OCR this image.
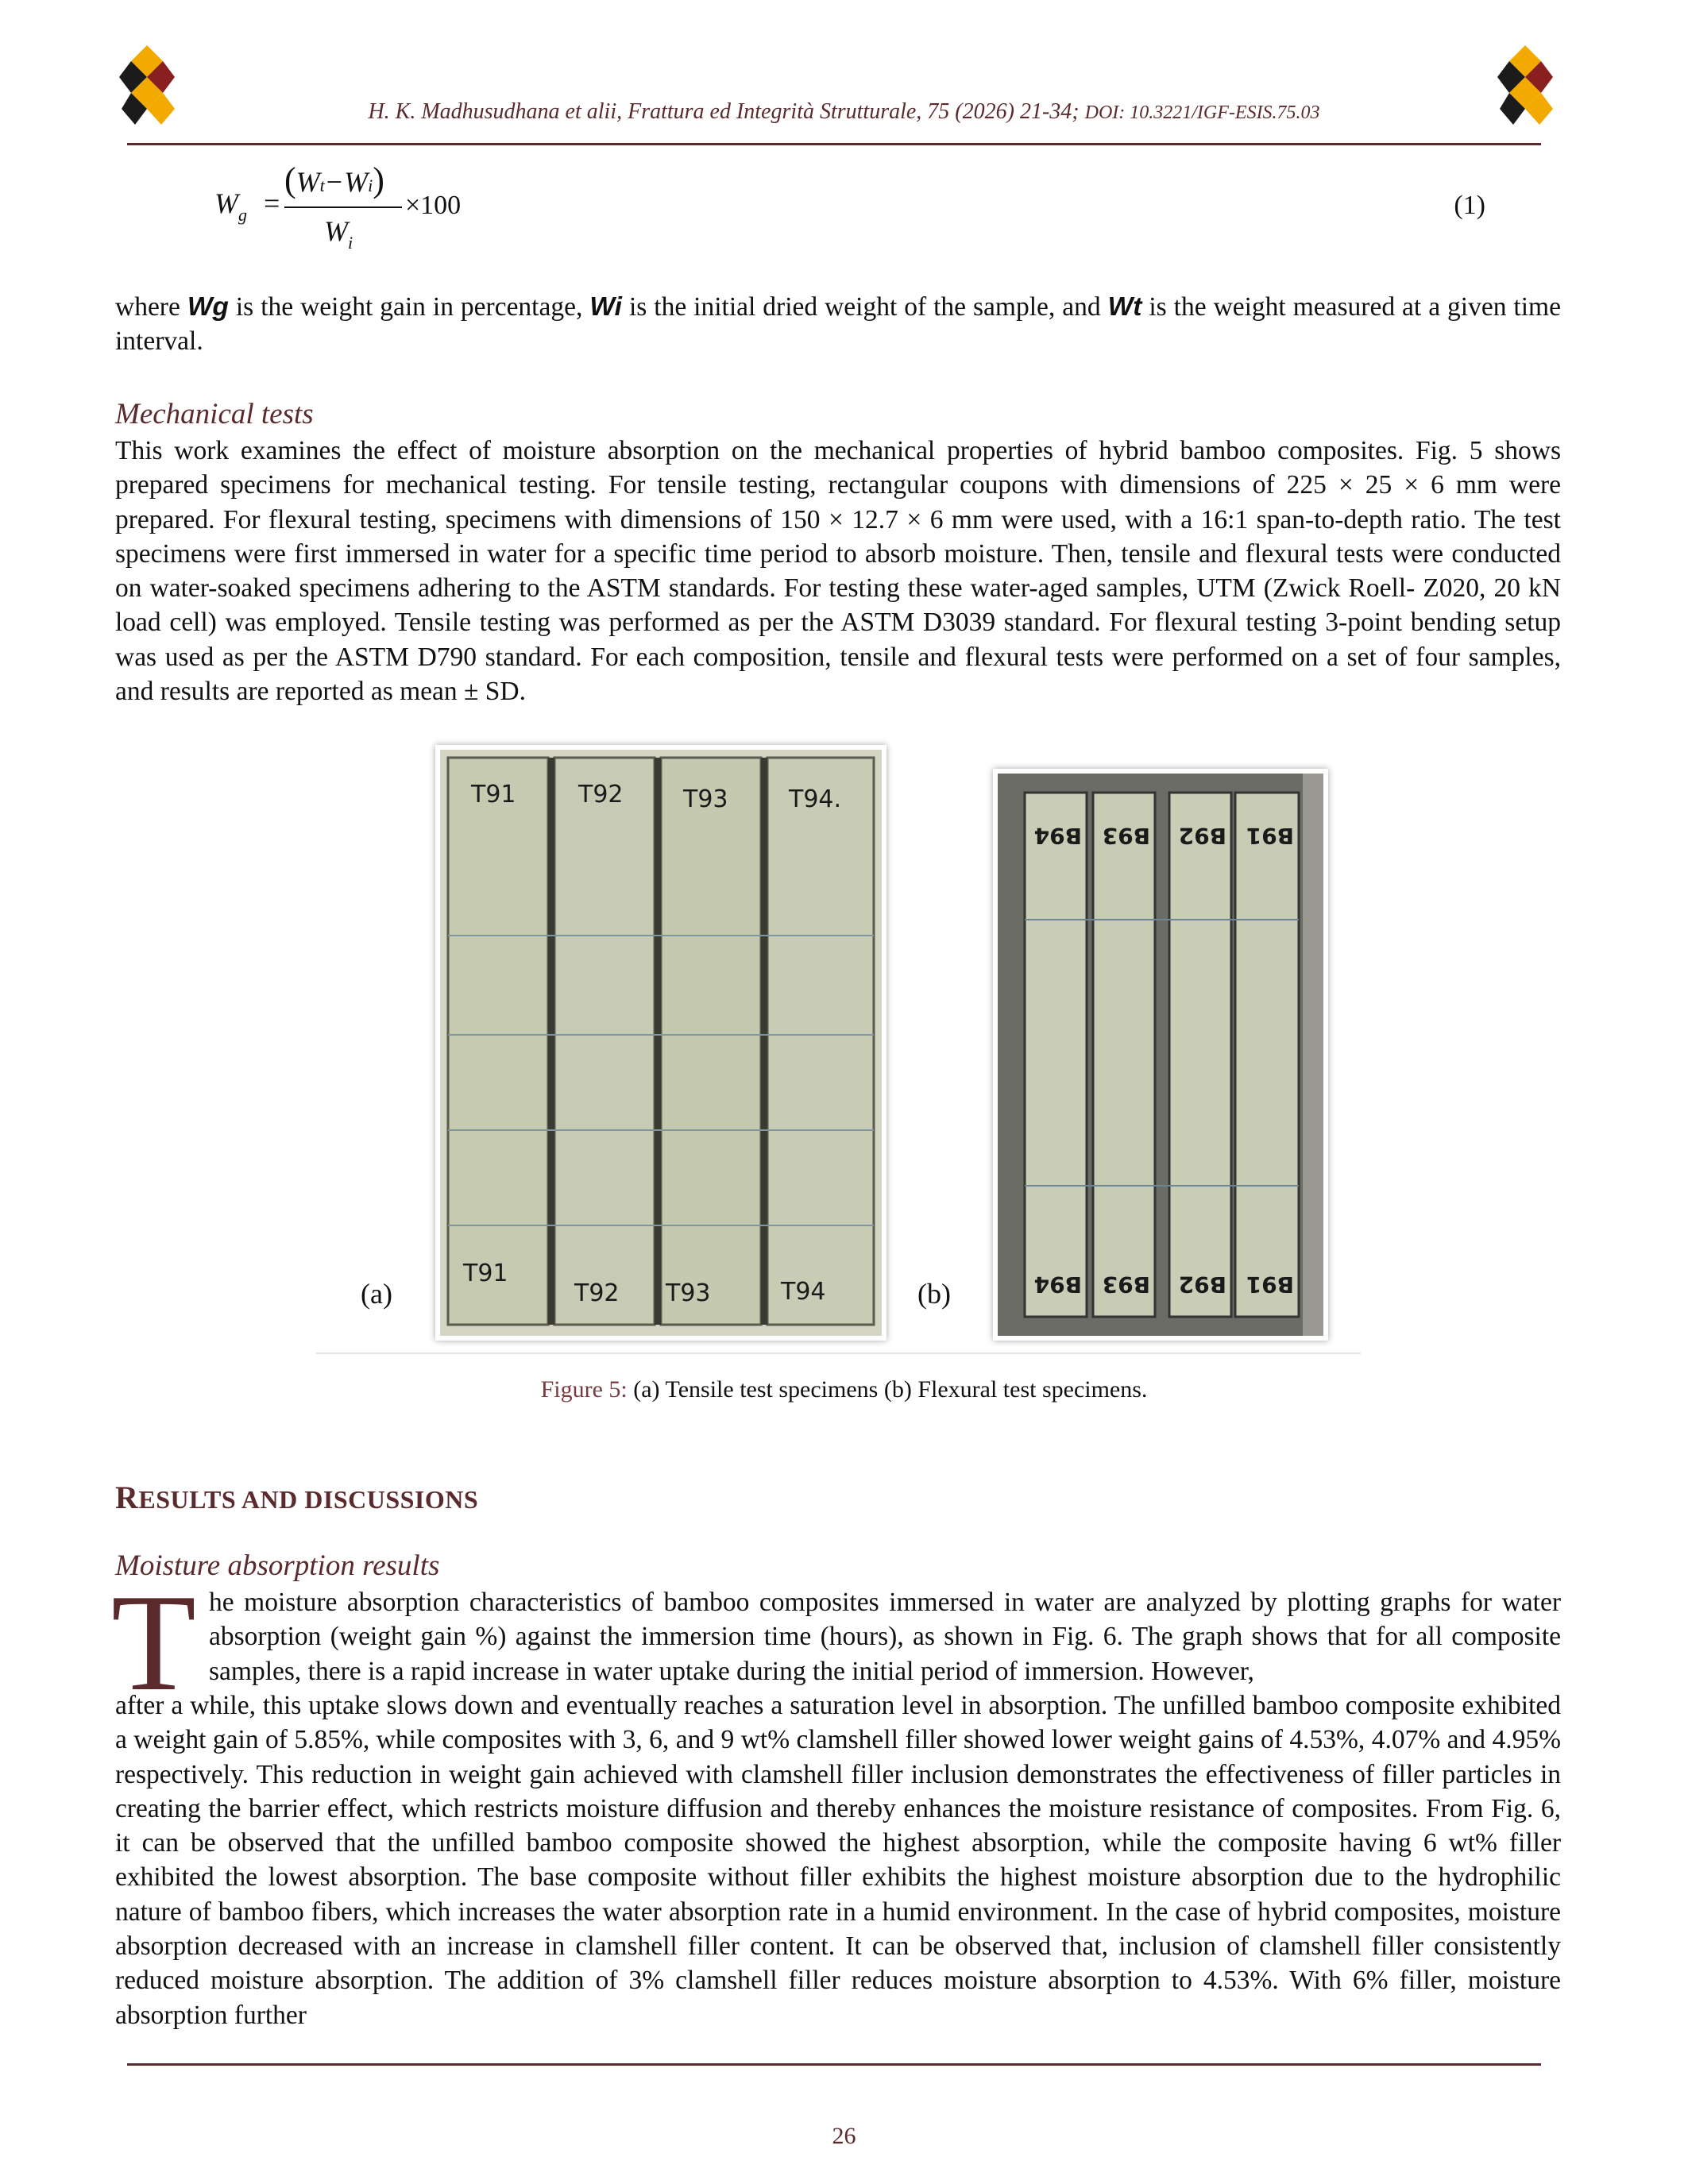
H. K. Madhusudhana et alii, Frattura ed Integrità Strutturale, 75 (2026) 21-34; DOI: 10.3221/IGF-ESIS.75.03
$W_g$ =
(Wt−Wi)
$W_i$
×100	(1)
where Wg is the weight gain in percentage, Wi is the initial dried weight of the sample, and Wt is the weight measured at a given time interval.
Mechanical tests
This work examines the effect of moisture absorption on the mechanical properties of hybrid bamboo composites. Fig. 5 shows prepared specimens for mechanical testing. For tensile testing, rectangular coupons with dimensions of 225 × 25 × 6 mm were prepared. For flexural testing, specimens with dimensions of 150 × 12.7 × 6 mm were used, with a 16:1 span-to-depth ratio. The test specimens were first immersed in water for a specific time period to absorb moisture. Then, tensile and flexural tests were conducted on water-soaked specimens adhering to the ASTM standards. For testing these water-aged samples, UTM (Zwick Roell- Z020, 20 kN load cell) was employed. Tensile testing was performed as per the ASTM D3039 standard. For flexural testing 3-point bending setup was used as per the ASTM D790 standard. For each composition, tensile and flexural tests were performed on a set of four samples, and results are reported as mean ± SD.
(a)
T91	T92	T93	T94.
T91
T92 T93	T94	(b)
B94 B93 B92 B91
B94 B93 B92 B91
Figure 5: (a) Tensile test specimens (b) Flexural test specimens.
RESULTS AND DISCUSSIONS
Moisture absorption results
T he moisture absorption characteristics of bamboo composites immersed in water are analyzed by plotting graphs for water absorption (weight gain %) against the immersion time (hours), as shown in Fig. 6. The graph shows that for all composite samples, there is a rapid increase in water uptake during the initial period of immersion. However,
after a while, this uptake slows down and eventually reaches a saturation level in absorption. The unfilled bamboo composite exhibited a weight gain of 5.85%, while composites with 3, 6, and 9 wt% clamshell filler showed lower weight gains of 4.53%, 4.07% and 4.95% respectively. This reduction in weight gain achieved with clamshell filler inclusion demonstrates the effectiveness of filler particles in creating the barrier effect, which restricts moisture diffusion and thereby enhances the moisture resistance of composites. From Fig. 6, it can be observed that the unfilled bamboo composite showed the highest absorption, while the composite having 6 wt% filler exhibited the lowest absorption. The base composite without filler exhibits the highest moisture absorption due to the hydrophilic nature of bamboo fibers, which increases the water absorption rate in a humid environment. In the case of hybrid composites, moisture absorption decreased with an increase in clamshell filler content. It can be observed that, inclusion of clamshell filler consistently reduced moisture absorption. The addition of 3% clamshell filler reduces moisture absorption to 4.53%. With 6% filler, moisture absorption further
26
